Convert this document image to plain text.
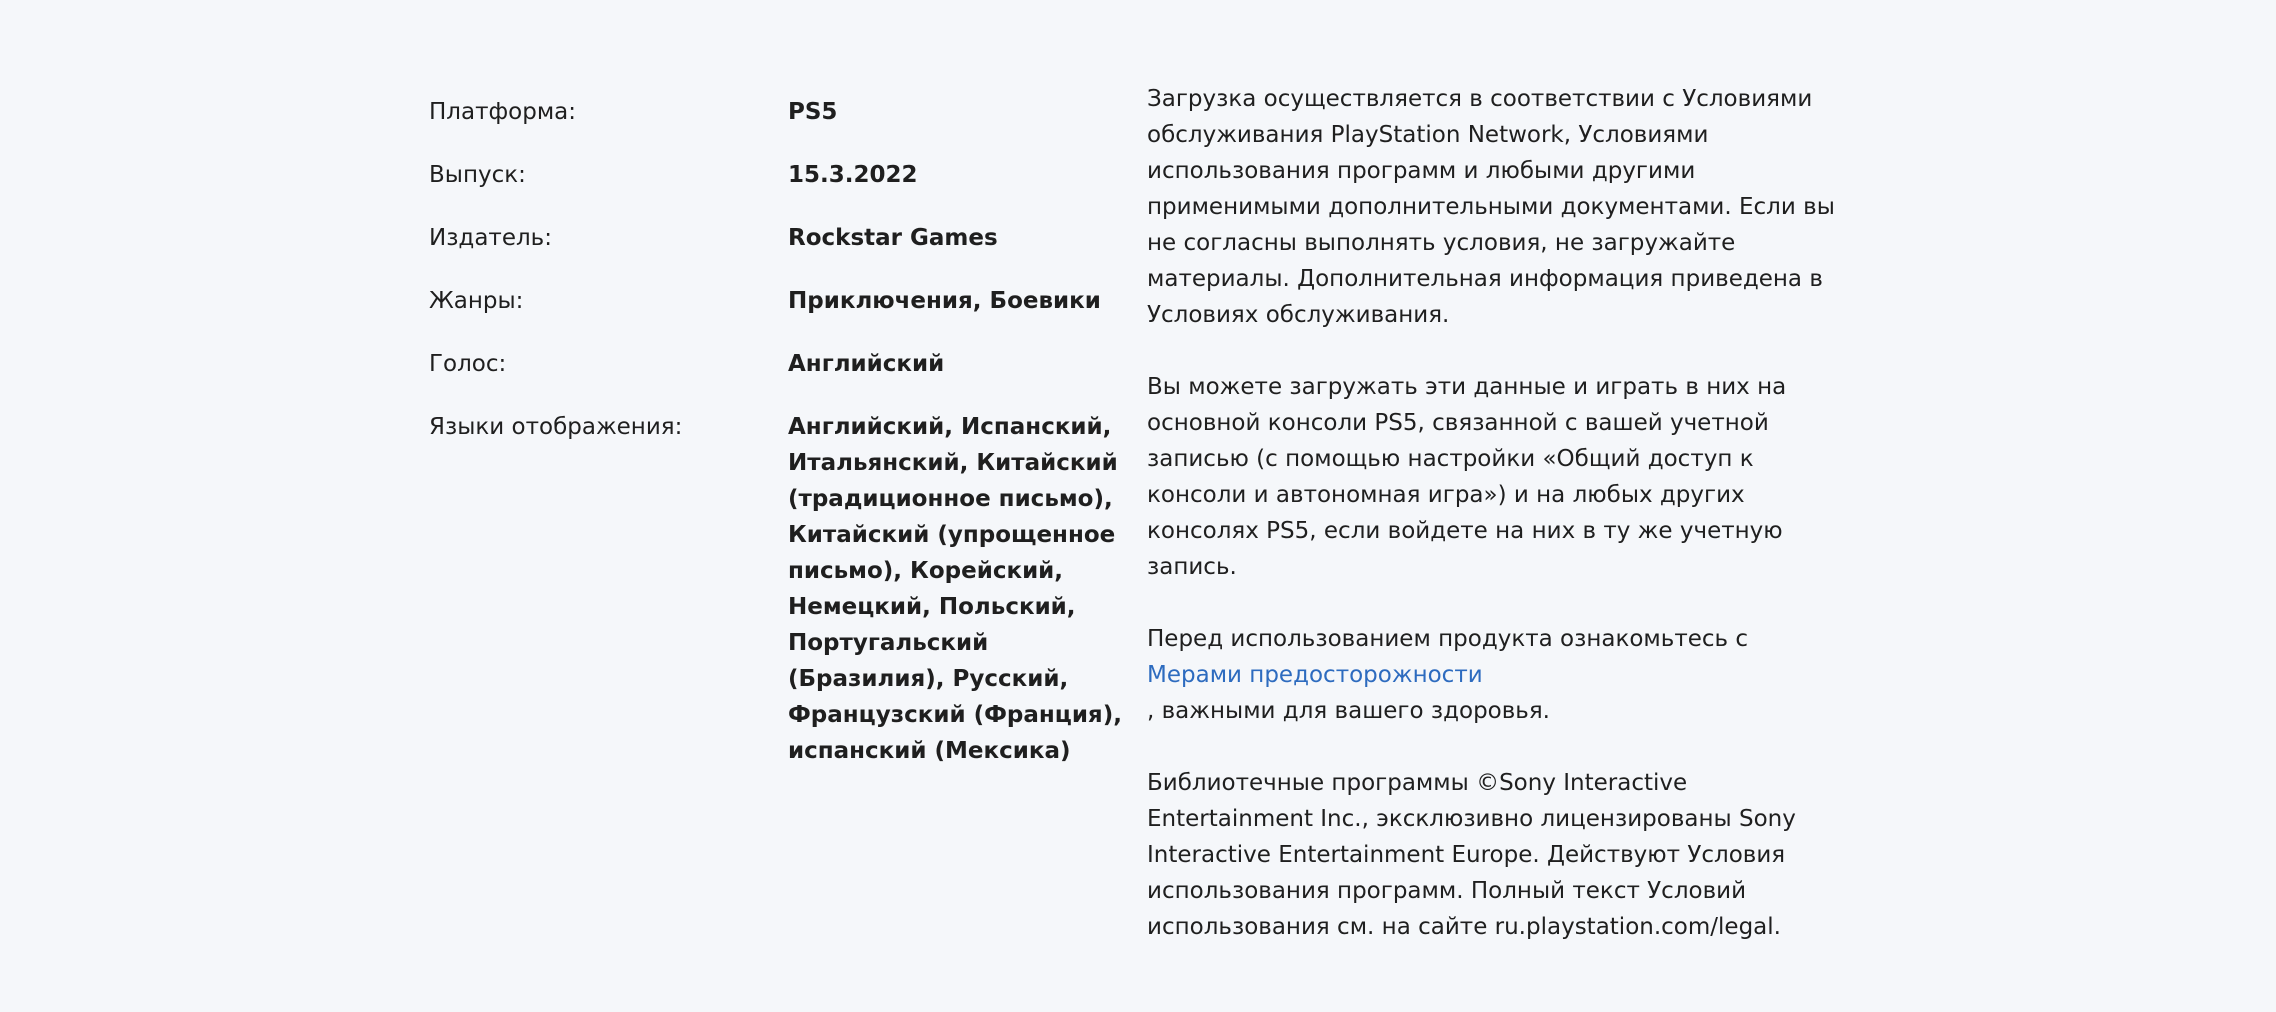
Платформа:	PS5
Выпуск:	15.3.2022
Издатель:	Rockstar Games
Жанры:	Приключения, Боевики
Голос:	Английский
Языки отображения:	Английский, Испанский, Итальянский, Китайский (традиционное письмо), Китайский (упрощенное письмо), Корейский, Немецкий, Польский, Португальский (Бразилия), Русский, Французский (Франция), испанский (Мексика)

Загрузка осуществляется в соответствии с Условиями обслуживания PlayStation Network, Условиями использования программ и любыми другими применимыми дополнительными документами. Если вы не согласны выполнять условия, не загружайте материалы. Дополнительная информация приведена в Условиях обслуживания.

Вы можете загружать эти данные и играть в них на основной консоли PS5, связанной с вашей учетной записью (с помощью настройки «Общий доступ к консоли и автономная игра») и на любых других консолях PS5, если войдете на них в ту же учетную запись.

Перед использованием продукта ознакомьтесь с
Мерами предосторожности
, важными для вашего здоровья.

Библиотечные программы ©Sony Interactive Entertainment Inc., эксклюзивно лицензированы Sony Interactive Entertainment Europe. Действуют Условия использования программ. Полный текст Условий использования см. на сайте ru.playstation.com/legal.
